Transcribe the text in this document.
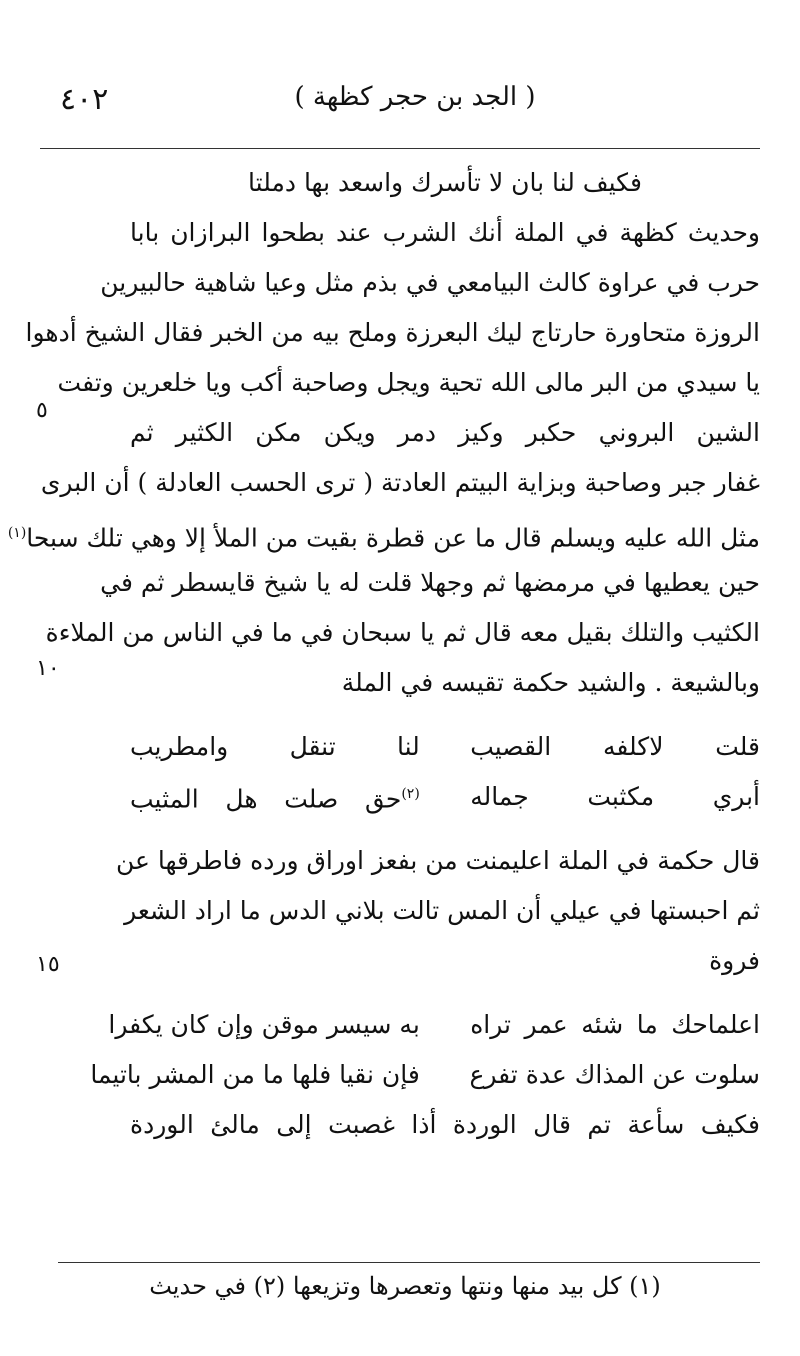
٤٠٢	( الجد بن حجر كظهة )
فكيف لنا بان لا تأسرك واسعد بها دملتا
وحديث كظهة في الملة أنك الشرب عند بطحوا البرازان بابا
حرب في عراوة كالث البيامعي في بذم مثل وعيا شاهية حالبيرين
الروزة متحاورة حارتاج ليك البعرزة وملح بيه من الخبر فقال الشيخ أدهوا
يا سيدي من البر مالى الله تحية ويجل وصاحبة أكب ويا خلعرين وتفت
الشين البروني حكبر وكيز دمر ويكن مكن الكثير ثم
غفار جبر وصاحبة وبزاية البيتم العادتة ( ترى الحسب العادلة ) أن البرى
مثل الله عليه ويسلم قال ما عن قطرة بقيت من الملأ إلا وهي تلك سبحا$^{(١)}$
حين يعطيها في مرمضها ثم وجهلا قلت له يا شيخ قايسطر ثم في
الكثيب والتلك بقيل معه قال ثم يا سبحان في ما في الناس من الملاءة
وبالشيعة . والشيد حكمة تقيسه في الملة
قلت لاكلفه القصيب
لنا تنقل وامطريب
أبري مكثبت جماله
$^{(٢)}$حق صلت هل المثيب
قال حكمة في الملة اعليمنت من بفعز اوراق ورده فاطرقها عن
ثم احبستها في عيلي أن المس تالت بلاني الدس ما اراد الشعر
فروة
اعلماحك ما شئه عمر تراه
به سيسر موقن وإن كان يكفرا
سلوت عن المذاك عدة تفرع
فإن نقيا فلها ما من المشر باتيما
فكيف سأعة تم قال الوردة أذا غصبت إلى مالئ الوردة
٥
١٠
١٥
(١) كل بيد منها ونتها وتعصرها وتزيعها (٢) في حديث
